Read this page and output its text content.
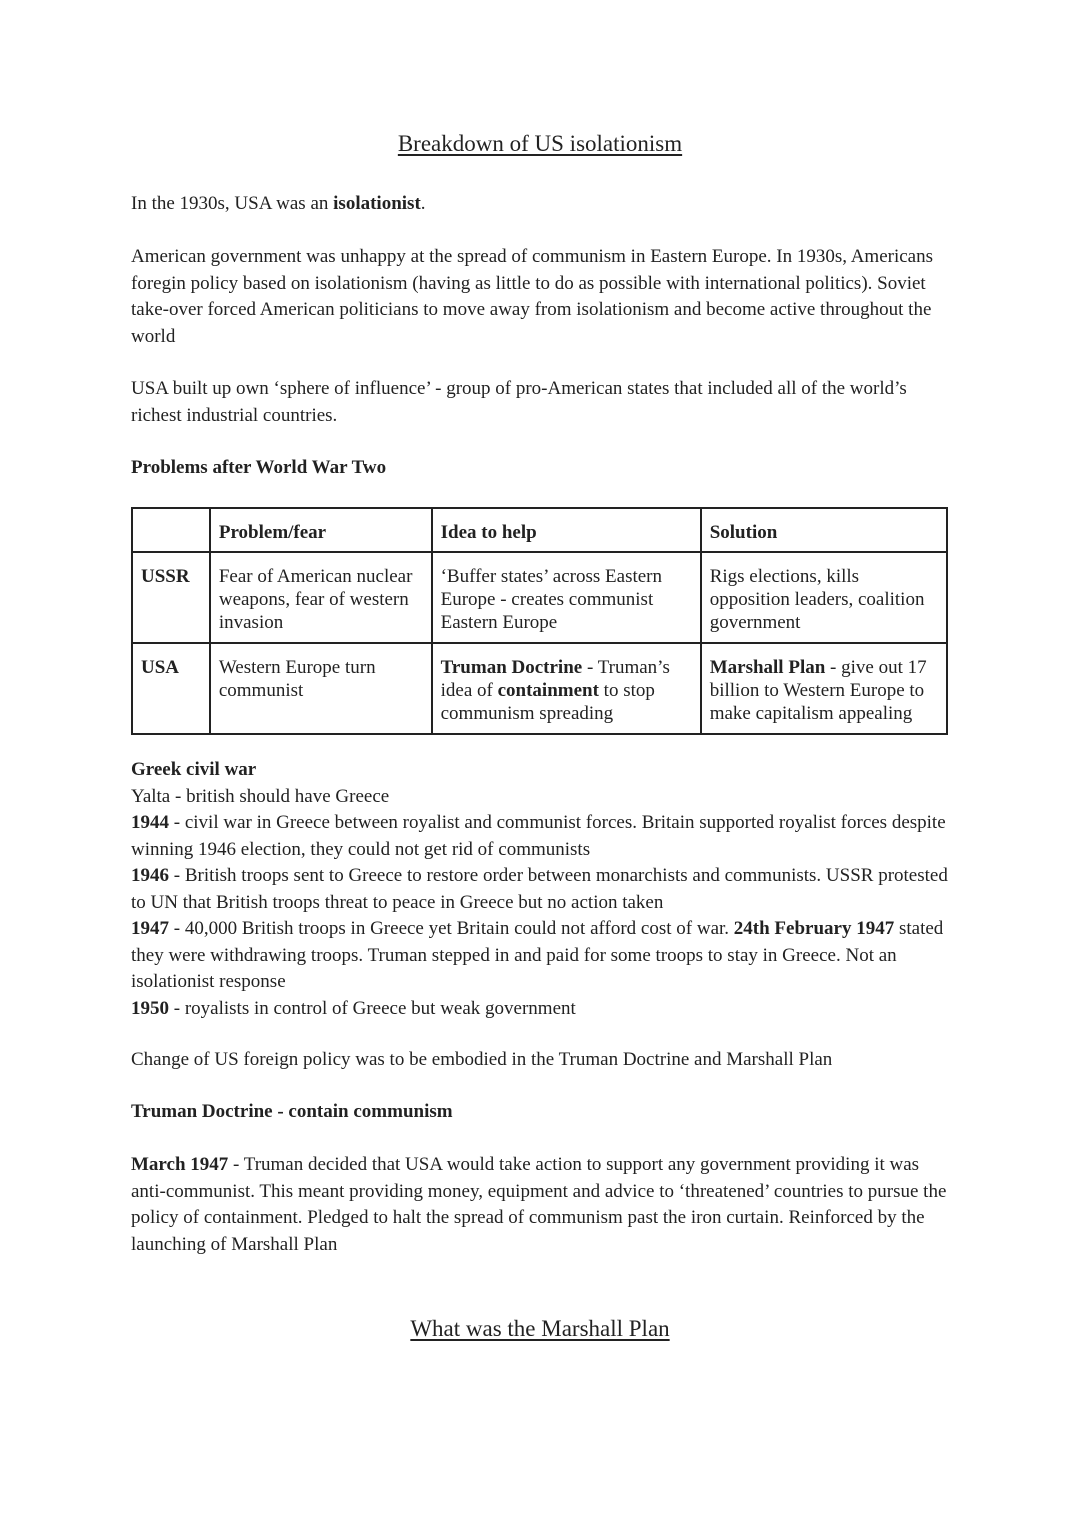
Breakdown of US isolationism

In the 1930s, USA was an isolationist.

American government was unhappy at the spread of communism in Eastern Europe. In 1930s, Americans foregin policy based on isolationism (having as little to do as possible with international politics). Soviet take-over forced American politicians to move away from isolationism and become active throughout the world

USA built up own ‘sphere of influence’ - group of pro-American states that included all of the world’s richest industrial countries.

Problems after World War Two

	Problem/fear	Idea to help	Solution
USSR	Fear of American nuclear weapons, fear of western invasion	‘Buffer states’ across Eastern Europe - creates communist Eastern Europe	Rigs elections, kills opposition leaders, coalition government
USA	Western Europe turn communist	Truman Doctrine - Truman’s idea of containment to stop communism spreading	Marshall Plan - give out 17 billion to Western Europe to make capitalism appealing
Greek civil war
Yalta - british should have Greece
1944 - civil war in Greece between royalist and communist forces. Britain supported royalist forces despite winning 1946 election, they could not get rid of communists
1946 - British troops sent to Greece to restore order between monarchists and communists. USSR protested to UN that British troops threat to peace in Greece but no action taken
1947 - 40,000 British troops in Greece yet Britain could not afford cost of war. 24th February 1947 stated they were withdrawing troops. Truman stepped in and paid for some troops to stay in Greece. Not an isolationist response
1950 - royalists in control of Greece but weak government

Change of US foreign policy was to be embodied in the Truman Doctrine and Marshall Plan

Truman Doctrine - contain communism

March 1947 - Truman decided that USA would take action to support any government providing it was anti-communist. This meant providing money, equipment and advice to ‘threatened’ countries to pursue the policy of containment. Pledged to halt the spread of communism past the iron curtain. Reinforced by the launching of Marshall Plan

What was the Marshall Plan
